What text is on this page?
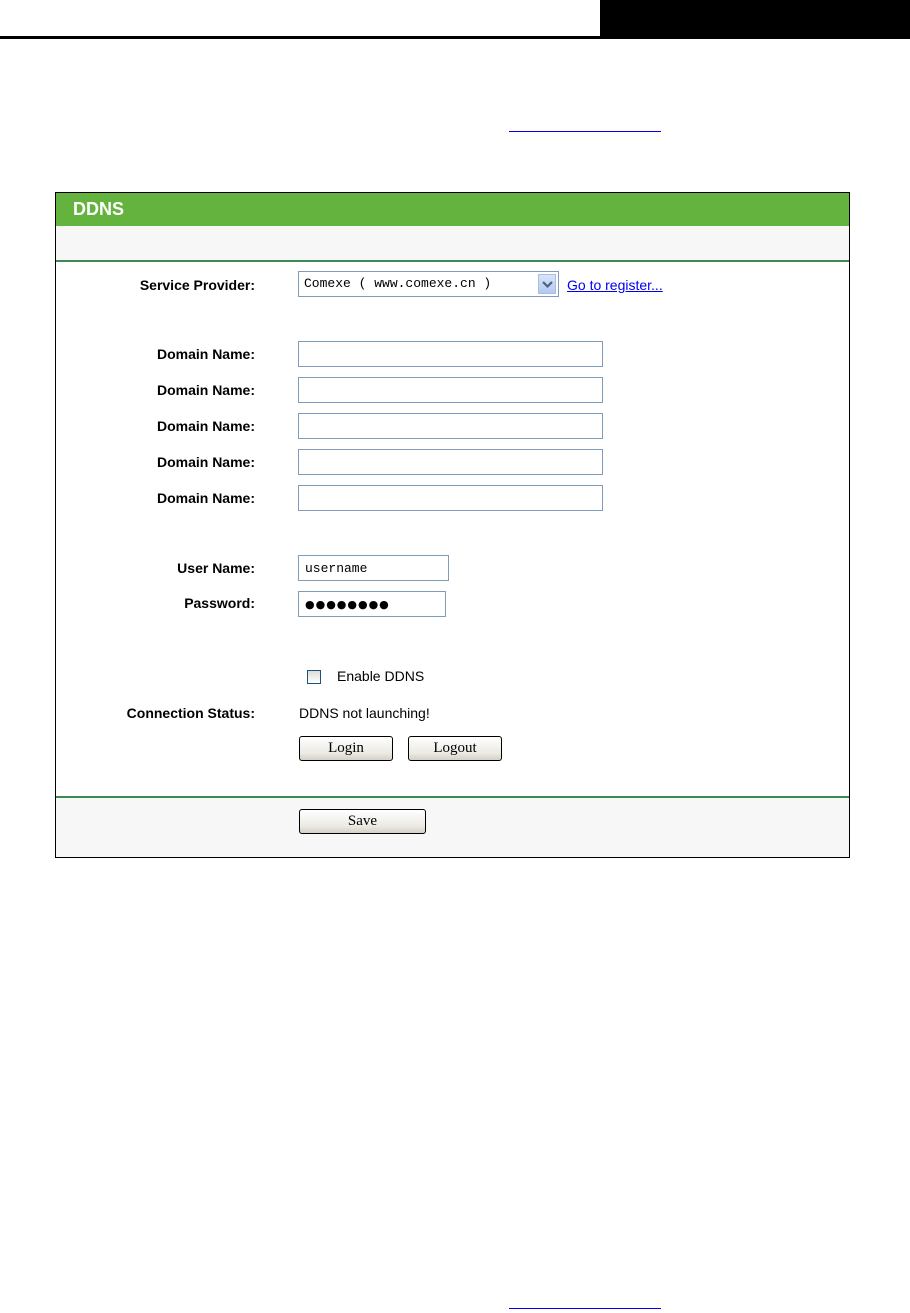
DDNS
Service Provider:	Comexe ( www.comexe.cn )	Go to register...
Domain Name:
Domain Name:
Domain Name:
Domain Name:
Domain Name:
User Name:
username
Password:
●●●●●●●●
Enable DDNS
Connection Status:	DDNS not launching!
Login	Logout
Save
